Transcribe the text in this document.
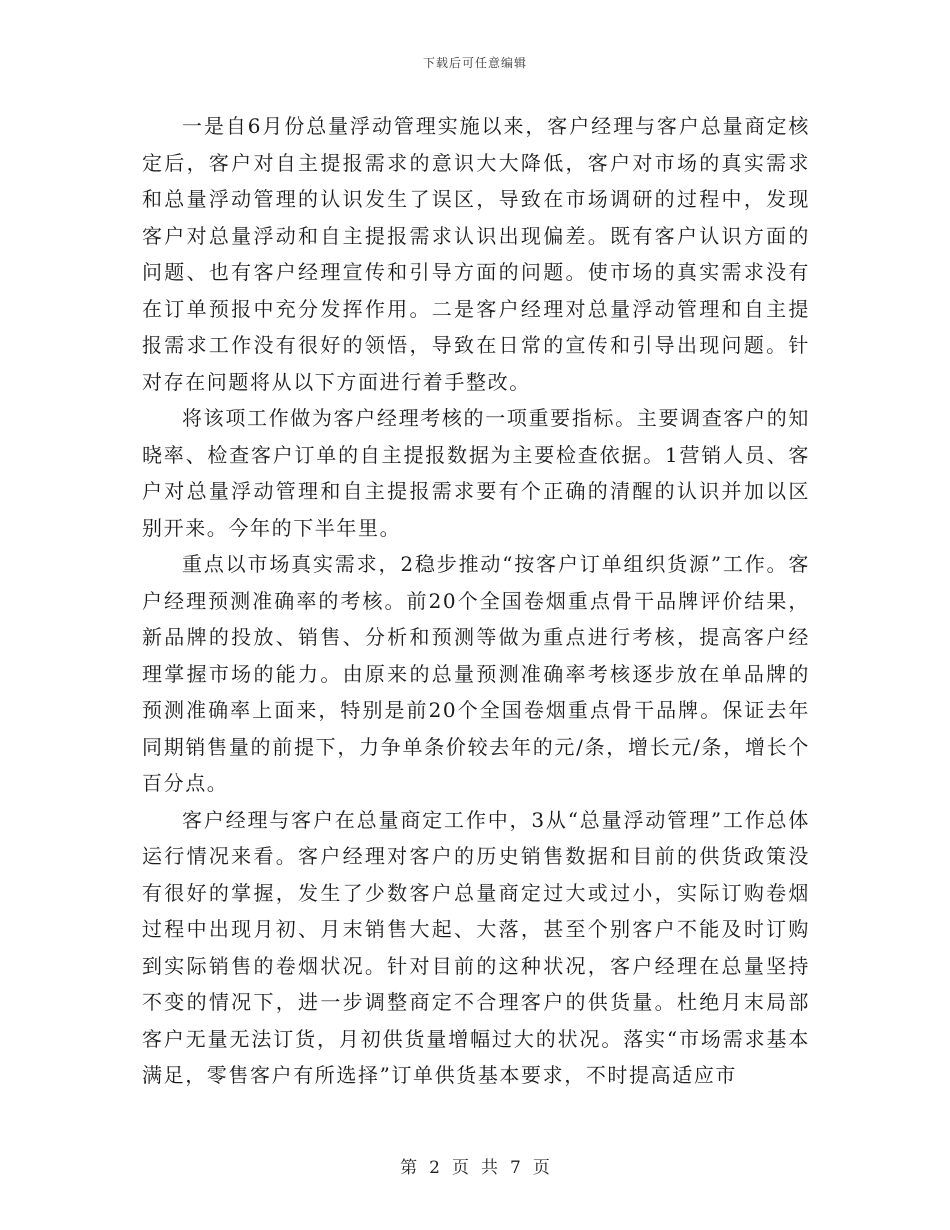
下载后可任意编辑

一是自6月份总量浮动管理实施以来，客户经理与客户总量商定核定后，客户对自主提报需求的意识大大降低，客户对市场的真实需求和总量浮动管理的认识发生了误区，导致在市场调研的过程中，发现客户对总量浮动和自主提报需求认识出现偏差。既有客户认识方面的问题、也有客户经理宣传和引导方面的问题。使市场的真实需求没有在订单预报中充分发挥作用。二是客户经理对总量浮动管理和自主提报需求工作没有很好的领悟，导致在日常的宣传和引导出现问题。针对存在问题将从以下方面进行着手整改。

将该项工作做为客户经理考核的一项重要指标。主要调查客户的知晓率、检查客户订单的自主提报数据为主要检查依据。1营销人员、客户对总量浮动管理和自主提报需求要有个正确的清醒的认识并加以区别开来。今年的下半年里。

重点以市场真实需求，2稳步推动“按客户订单组织货源”工作。客户经理预测准确率的考核。前20个全国卷烟重点骨干品牌评价结果，新品牌的投放、销售、分析和预测等做为重点进行考核，提高客户经理掌握市场的能力。由原来的总量预测准确率考核逐步放在单品牌的预测准确率上面来，特别是前20个全国卷烟重点骨干品牌。保证去年同期销售量的前提下，力争单条价较去年的元/条，增长元/条，增长个百分点。

客户经理与客户在总量商定工作中，3从“总量浮动管理”工作总体运行情况来看。客户经理对客户的历史销售数据和目前的供货政策没有很好的掌握，发生了少数客户总量商定过大或过小，实际订购卷烟过程中出现月初、月末销售大起、大落，甚至个别客户不能及时订购到实际销售的卷烟状况。针对目前的这种状况，客户经理在总量坚持不变的情况下，进一步调整商定不合理客户的供货量。杜绝月末局部客户无量无法订货，月初供货量增幅过大的状况。落实“市场需求基本满足，零售客户有所选择”订单供货基本要求，不时提高适应市

第 2 页 共 7 页
